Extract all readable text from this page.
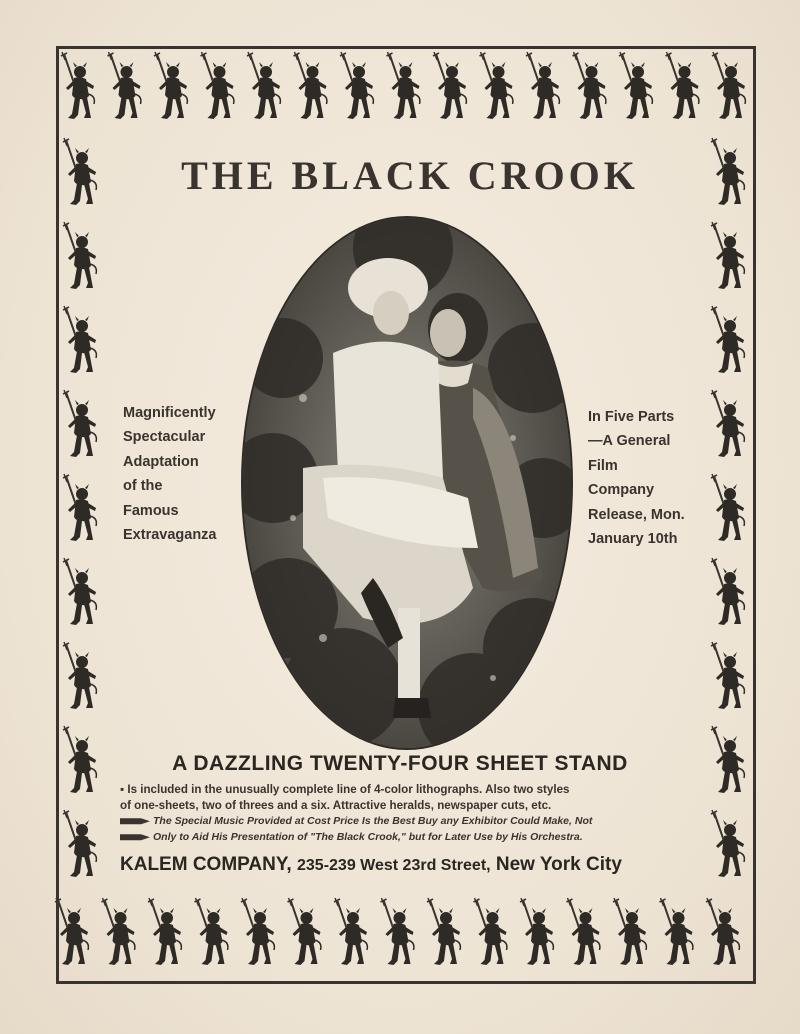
THE BLACK CROOK
Magnificently
Spectacular
Adaptation
of the
Famous
Extravaganza
In Five Parts
—A General
Film
Company
Release, Mon.
January 10th
A DAZZLING TWENTY-FOUR SHEET STAND
▪ Is included in the unusually complete line of 4-color lithographs. Also two styles
of one-sheets, two of threes and a six. Attractive heralds, newspaper cuts, etc.
The Special Music Provided at Cost Price Is the Best Buy any Exhibitor Could Make, Not
Only to Aid His Presentation of "The Black Crook," but for Later Use by His Orchestra.
KALEM COMPANY, 235-239 West 23rd Street, New York City
